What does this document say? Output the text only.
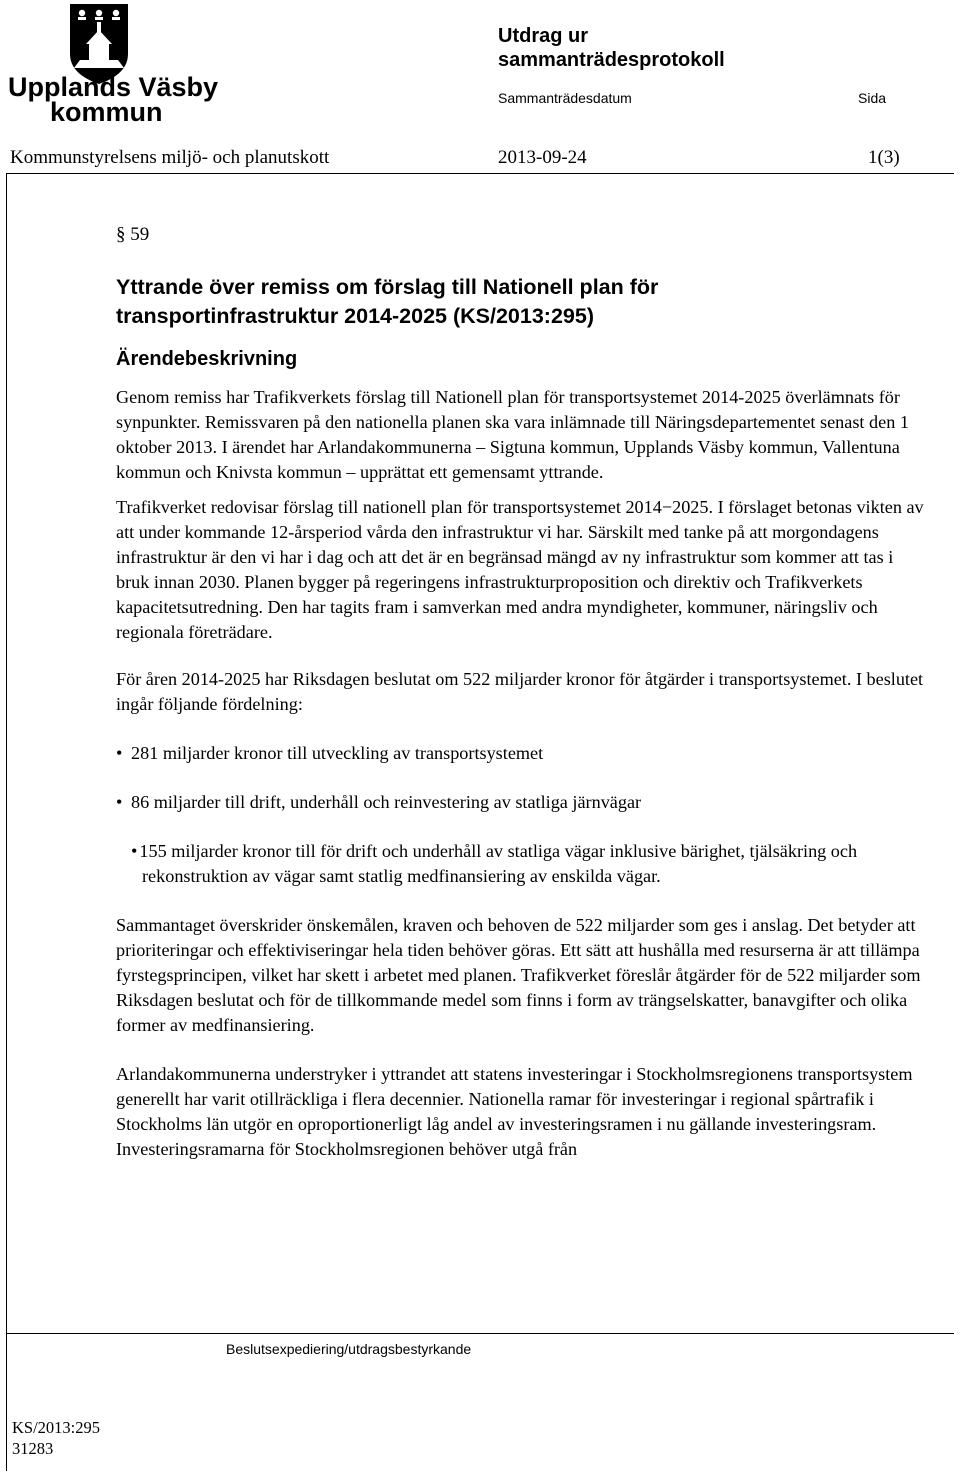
Upplands Väsby
kommun
Utdrag ur
sammanträdesprotokoll
Sammanträdesdatum	Sida
Kommunstyrelsens miljö- och planutskott	2013-09-24	1(3)

§ 59

Yttrande över remiss om förslag till Nationell plan för
transportinfrastruktur 2014-2025 (KS/2013:295)
Ärendebeskrivning

Genom remiss har Trafikverkets förslag till Nationell plan för transportsystemet 2014-2025 överlämnats för synpunkter. Remissvaren på den nationella planen ska vara inlämnade till Näringsdepartementet senast den 1 oktober 2013. I ärendet har Arlandakommunerna – Sigtuna kommun, Upplands Väsby kommun, Vallentuna kommun och Knivsta kommun – upprättat ett gemensamt yttrande.

Trafikverket redovisar förslag till nationell plan för transportsystemet 2014−2025. I förslaget betonas vikten av att under kommande 12-årsperiod vårda den infrastruktur vi har. Särskilt med tanke på att morgondagens infrastruktur är den vi har i dag och att det är en begränsad mängd av ny infrastruktur som kommer att tas i bruk innan 2030. Planen bygger på regeringens infrastrukturproposition och direktiv och Trafikverkets kapacitetsutredning. Den har tagits fram i samverkan med andra myndigheter, kommuner, näringsliv och regionala företrädare.

För åren 2014-2025 har Riksdagen beslutat om 522 miljarder kronor för åtgärder i transportsystemet. I beslutet ingår följande fördelning:

• 281 miljarder kronor till utveckling av transportsystemet

• 86 miljarder till drift, underhåll och reinvestering av statliga järnvägar

• 155 miljarder kronor till för drift och underhåll av statliga vägar inklusive bärighet, tjälsäkring och rekonstruktion av vägar samt statlig medfinansiering av enskilda vägar.

Sammantaget överskrider önskemålen, kraven och behoven de 522 miljarder som ges i anslag. Det betyder att prioriteringar och effektiviseringar hela tiden behöver göras. Ett sätt att hushålla med resurserna är att tillämpa fyrstegsprincipen, vilket har skett i arbetet med planen. Trafikverket föreslår åtgärder för de 522 miljarder som Riksdagen beslutat och för de tillkommande medel som finns i form av trängselskatter, banavgifter och olika former av medfinansiering.

Arlandakommunerna understryker i yttrandet att statens investeringar i Stockholmsregionens transportsystem generellt har varit otillräckliga i flera decennier. Nationella ramar för investeringar i regional spårtrafik i Stockholms län utgör en oproportionerligt låg andel av investeringsramen i nu gällande investeringsram. Investeringsramarna för Stockholmsregionen behöver utgå från

Beslutsexpediering/utdragsbestyrkande
KS/2013:295
31283
